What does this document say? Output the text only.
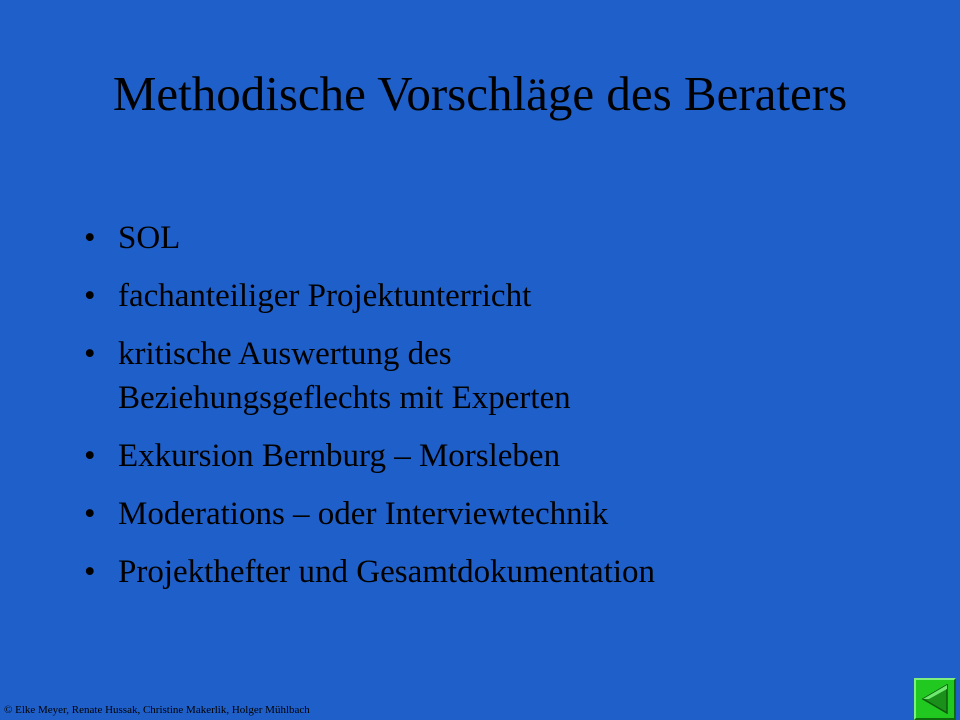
Methodische Vorschläge des Beraters
• SOL
• fachanteiliger Projektunterricht
• kritische Auswertung des Beziehungsgeflechts mit Experten
• Exkursion Bernburg – Morsleben
• Moderations – oder Interviewtechnik
• Projekthefter und Gesamtdokumentation
© Elke Meyer, Renate Hussak, Christine Makerlik, Holger Mühlbach
